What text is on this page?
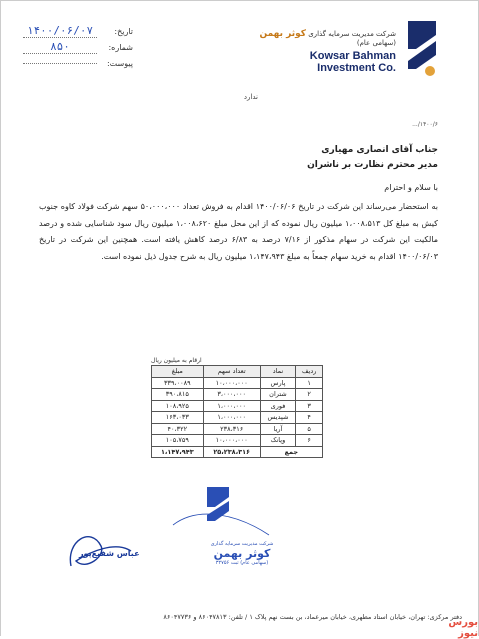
شرکت مدیریت سرمایه گذاری کوثر بهمن (سهامی عام)
Kowsar Bahman
Investment Co.
تاریخ:
۱۴۰۰/۰۶/۰۷
شماره:
۸۵۰
پیوست:
ندارد
۱۴۰۰/۶/...
جناب آقای انصاری مهیاری
مدیر محترم نظارت بر ناشران
با سلام و احترام
به استحضار می‌رساند این شرکت در تاریخ ۱۴۰۰/۰۶/۰۶ اقدام به فروش تعداد ۵۰،۰۰۰،۰۰۰ سهم شرکت فولاد کاوه جنوب کیش به مبلغ کل ۱،۰۰۸،۵۱۳ میلیون ریال نموده که از این محل مبلغ ۱،۰۰۸،۶۲۰ میلیون ریال سود شناسایی شده و درصد مالکیت این شرکت در سهام مذکور از ۷/۱۶ درصد به ۶/۸۳ درصد کاهش یافته است. همچنین این شرکت در تاریخ ۱۴۰۰/۰۶/۰۳ اقدام به خرید سهام جمعاً به مبلغ ۱،۱۴۷،۹۴۳ میلیون ریال به شرح جدول ذیل نموده است.
ارقام به میلیون ریال
ردیف	نماد	تعداد سهم	مبلغ
۱	پارس	۱۰،۰۰۰،۰۰۰	۳۳۹،۰۰۸۹
۲	شتران	۳،۰۰۰،۰۰۰	۳۹۰،۸۱۵
۳	فوری	۱،۰۰۰،۰۰۰	۱۰۸،۹۲۵
۴	شپدیس	۱،۰۰۰،۰۰۰	۱۶۳،۰۳۳
۵	آریا	۲۳۸،۳۱۶	۴۰،۳۲۲
۶	وپانک	۱۰،۰۰۰،۰۰۰	۱۰۵،۷۵۹
جمع		۲۵،۲۳۸،۳۱۶	۱،۱۴۷،۹۴۳
شرکت مدیریت سرمایه گذاری
کوثر بهمن
(سهامی عام) ثبت ۳۲۷۵۶
عباس شفیع‌پور
دفتر مرکزی: تهران، خیابان استاد مطهری، خیابان میرعماد، بن بست نهم پلاک ۱ / تلفن: ۸۶۰۴۷۸۱۳ و ۸۶۰۴۷۷۳۶
بورس نیوز
